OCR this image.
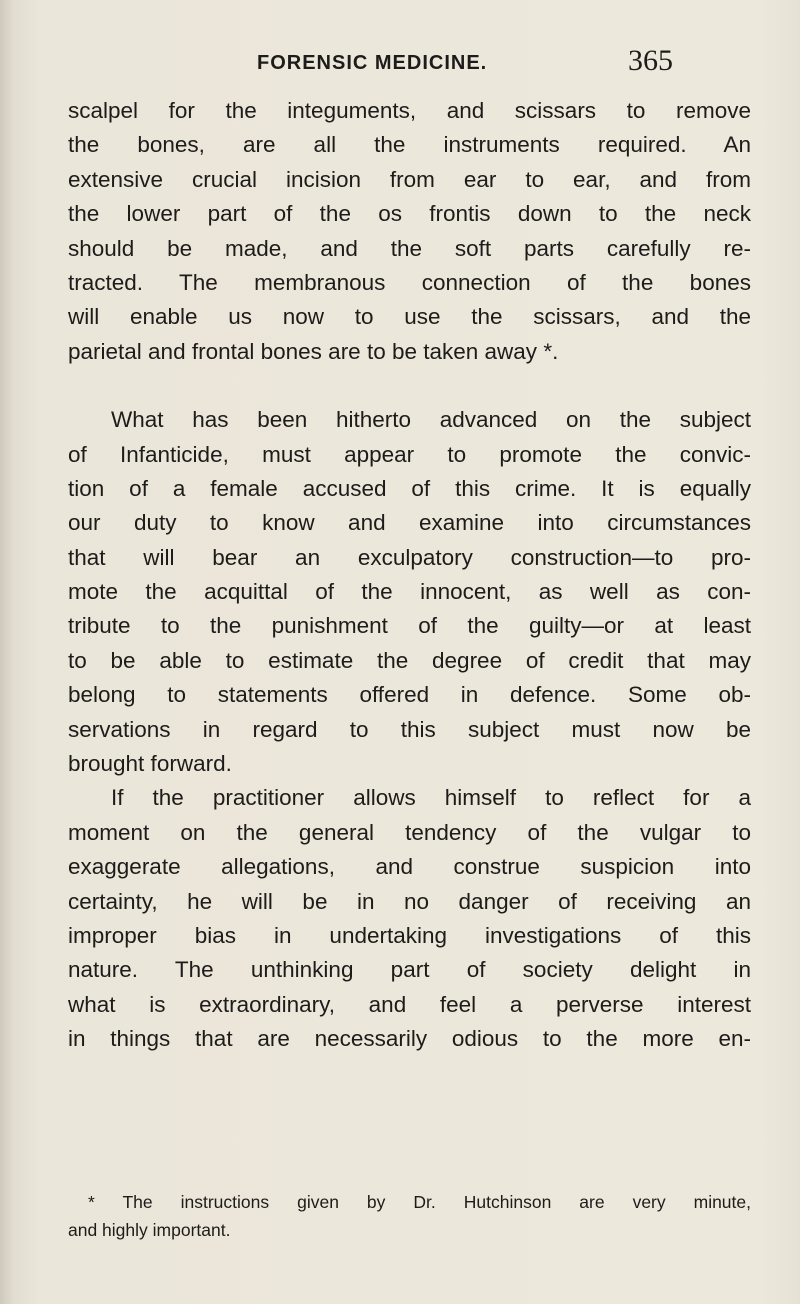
FORENSIC MEDICINE.	365
scalpel for the integuments, and scissars to remove
the bones, are all the instruments required. An
extensive crucial incision from ear to ear, and from
the lower part of the os frontis down to the neck
should be made, and the soft parts carefully re-
tracted. The membranous connection of the bones
will enable us now to use the scissars, and the
parietal and frontal bones are to be taken away *.
What has been hitherto advanced on the subject
of Infanticide, must appear to promote the convic-
tion of a female accused of this crime. It is equally
our duty to know and examine into circumstances
that will bear an exculpatory construction—to pro-
mote the acquittal of the innocent, as well as con-
tribute to the punishment of the guilty—or at least
to be able to estimate the degree of credit that may
belong to statements offered in defence. Some ob-
servations in regard to this subject must now be
brought forward.
If the practitioner allows himself to reflect for a
moment on the general tendency of the vulgar to
exaggerate allegations, and construe suspicion into
certainty, he will be in no danger of receiving an
improper bias in undertaking investigations of this
nature. The unthinking part of society delight in
what is extraordinary, and feel a perverse interest
in things that are necessarily odious to the more en-
* The instructions given by Dr. Hutchinson are very minute,
and highly important.
